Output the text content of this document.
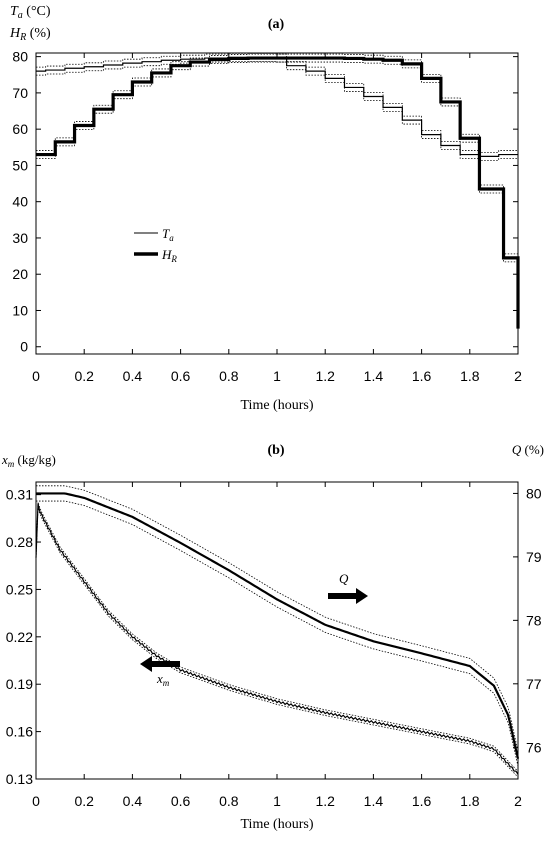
$T_a$ (°C)
$H_R$ (%)
(a)
0 0.2 0.4 0.6 0.8 1 1.2 1.4 1.6 1.8 2
0
10
20
30
40
50
60
70
80
$T_a$
$H_R$
Time (hours)
(b)
$x_m$ (kg/kg)
Q (%)
0 0.2 0.4 0.6 0.8 1 1.2 1.4 1.6 1.8 2
0.13
0.16
0.19
0.22
0.25
0.28
0.31
76
77
78
79
80
Q
$x_m$
Time (hours)
